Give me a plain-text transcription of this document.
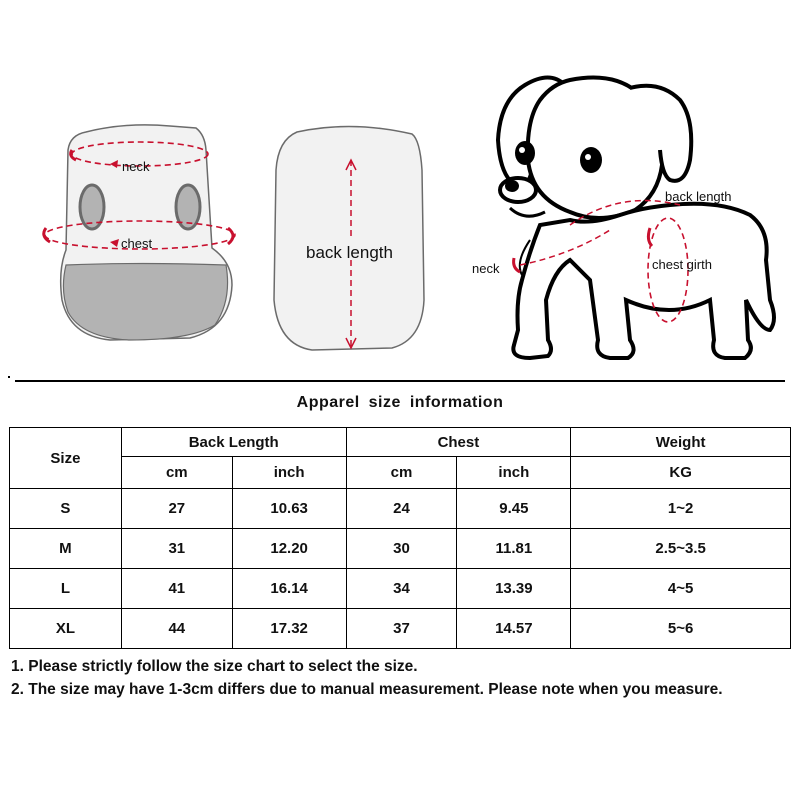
neck
chest	back length
back length
neck	chest girth
Apparel size information
Size	Back Length		Chest		Weight
	cm	inch	cm	inch	KG
S	27	10.63	24	9.45	1~2
M	31	12.20	30	11.81	2.5~3.5
L	41	16.14	34	13.39	4~5
XL	44	17.32	37	14.57	5~6
1. Please strictly follow the size chart to select the size.
2. The size may have 1-3cm differs due to manual measurement. Please note when you measure.
